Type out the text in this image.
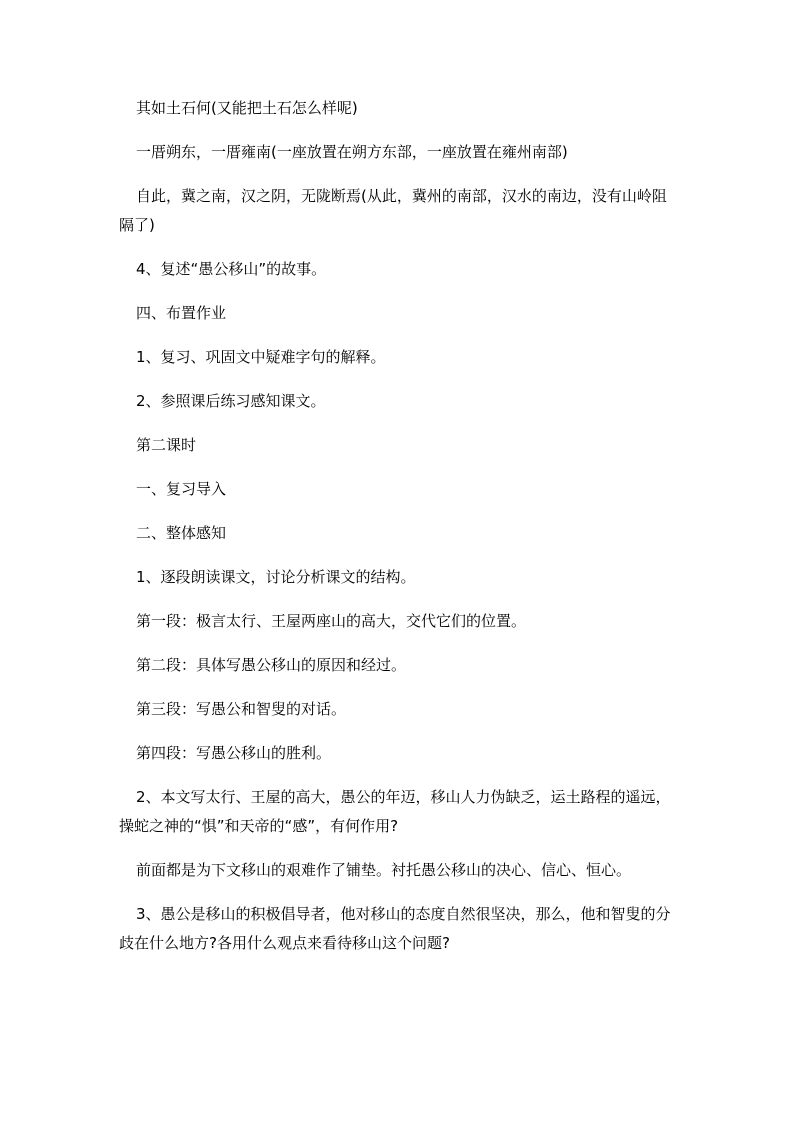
其如土石何(又能把土石怎么样呢)

一厝朔东，一厝雍南(一座放置在朔方东部，一座放置在雍州南部)

自此，冀之南，汉之阴，无陇断焉(从此，冀州的南部，汉水的南边，没有山岭阻隔了)

4、复述“愚公移山”的故事。

四、布置作业

1、复习、巩固文中疑难字句的解释。

2、参照课后练习感知课文。

第二课时

一、复习导入

二、整体感知

1、逐段朗读课文，讨论分析课文的结构。

第一段：极言太行、王屋两座山的高大，交代它们的位置。

第二段：具体写愚公移山的原因和经过。

第三段：写愚公和智叟的对话。

第四段：写愚公移山的胜利。

2、本文写太行、王屋的高大，愚公的年迈，移山人力伪缺乏，运土路程的遥远，操蛇之神的“惧”和天帝的“感”，有何作用?

前面都是为下文移山的艰难作了铺垫。衬托愚公移山的决心、信心、恒心。

3、愚公是移山的积极倡导者，他对移山的态度自然很坚决，那么，他和智叟的分歧在什么地方?各用什么观点来看待移山这个问题?
